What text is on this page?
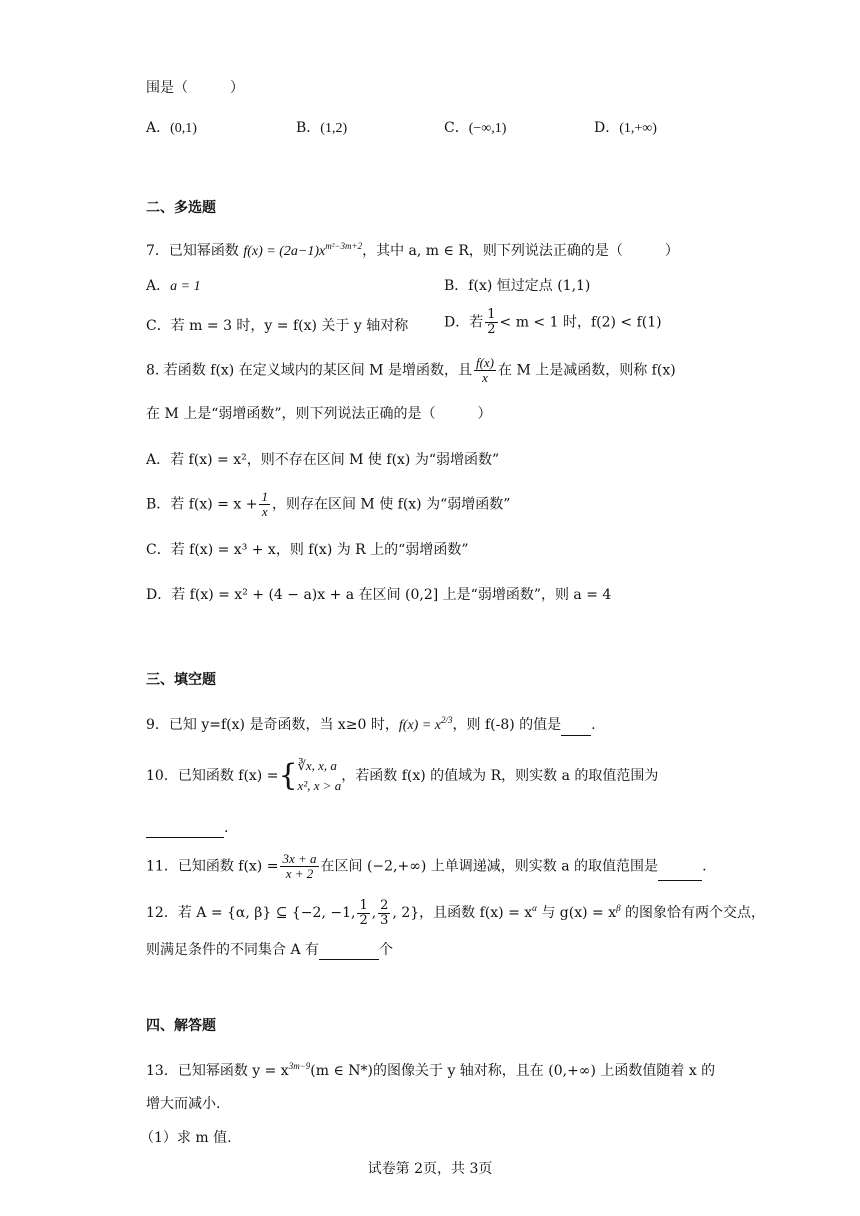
围是（　　　）
A．(0,1)	B．(1,2)	C．(−∞,1)	D．(1,+∞)
二、多选题
7．已知幂函数 $f(x) = (2a-1)x^{m^2-3m+2}$，其中 a, m ∈ R，则下列说法正确的是（　　　）
A．a = 1	B．f(x) 恒过定点 (1,1)
C．若 m = 3 时，y = f(x) 关于 y 轴对称	D．若 $\frac{1}{2} < m < 1$ 时，f(2) < f(1)
8. 若函数 f(x) 在定义域内的某区间 M 是增函数，且 $\frac{f(x)}{x}$ 在 M 上是减函数，则称 f(x)
在 M 上是“弱增函数”，则下列说法正确的是（　　　）
A．若 f(x) = x²，则不存在区间 M 使 f(x) 为“弱增函数”
B．若 $f(x) = x + \frac{1}{x}$ ，则存在区间 M 使 f(x) 为“弱增函数”
C．若 f(x) = x³ + x，则 f(x) 为 R 上的“弱增函数”
D．若 f(x) = x² + (4 − a)x + a 在区间 (0,2] 上是“弱增函数”，则 a = 4
三、填空题
9．已知 y=f(x) 是奇函数，当 x≥0 时，$f(x) = x^{2/3}$，则 f(-8) 的值是 .
10．已知函数 f(x) ={ ∛x, x, a
x², x > a
，若函数 f(x) 的值域为 R，则实数 a 的取值范围为
.
11．已知函数 $f(x) = \frac{3x + a}{x + 2}$ 在区间 (−2,+∞) 上单调递减，则实数 a 的取值范围是	.
12．若 A = {α, β} ⊆ {−2, −1, $\frac{1}{2}$ , $\frac{2}{3}$ , 2}，且函数 $f(x) = x^\alpha$ 与 $g(x) = x^\beta$ 的图象恰有两个交点，
则满足条件的不同集合 A 有	个
四、解答题
13．已知幂函数 $y = x^{3m-9}(m$ ∈ N*)的图像关于 y 轴对称，且在 (0,+∞) 上函数值随着 x 的
增大而减小.
（1）求 m 值.
试卷第 2页，共 3页
